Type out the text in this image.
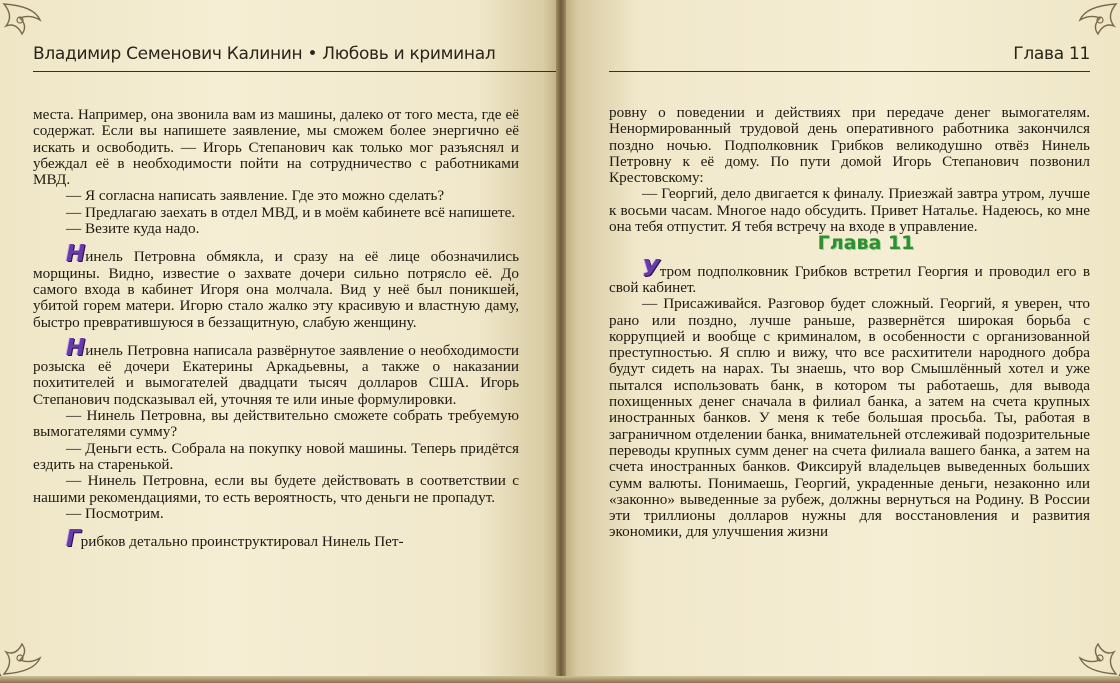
Владимир Семенович Калинин • Любовь и криминал

места. Например, она звонила вам из машины, далеко от того места, где её содержат. Если вы напишете заявление, мы сможем более энергично её искать и освободить. — Игорь Степанович как только мог разъяснял и убеждал её в необходимости пойти на сотрудничество с работниками МВД.

— Я согласна написать заявление. Где это можно сделать?

— Предлагаю заехать в отдел МВД, и в моём кабинете всё напишете.

— Везите куда надо.

Нинель Петровна обмякла, и сразу на её лице обозначились морщины. Видно, известие о захвате дочери сильно потрясло её. До самого входа в кабинет Игоря она молчала. Вид у неё был поникшей, убитой горем матери. Игорю стало жалко эту красивую и властную даму, быстро превратившуюся в беззащитную, слабую женщину.

Нинель Петровна написала развёрнутое заявление о необходимости розыска её дочери Екатерины Аркадьевны, а также о наказании похитителей и вымогателей двадцати тысяч долларов США. Игорь Степанович подсказывал ей, уточняя те или иные формулировки.

— Нинель Петровна, вы действительно сможете собрать требуемую вымогателями сумму?

— Деньги есть. Собрала на покупку новой машины. Теперь придётся ездить на старенькой.

— Нинель Петровна, если вы будете действовать в соответствии с нашими рекомендациями, то есть вероятность, что деньги не пропадут.

— Посмотрим.

Грибков детально проинструктировал Нинель Пет-

Глава 11

ровну о поведении и действиях при передаче денег вымогателям. Ненормированный трудовой день оперативного работника закончился поздно ночью. Подполковник Грибков великодушно отвёз Нинель Петровну к её дому. По пути домой Игорь Степанович позвонил Крестовскому:

— Георгий, дело двигается к финалу. Приезжай завтра утром, лучше к восьми часам. Многое надо обсудить. Привет Наталье. Надеюсь, ко мне она тебя отпустит. Я тебя встречу на входе в управление.

Глава 11

Утром подполковник Грибков встретил Георгия и проводил его в свой кабинет.

— Присаживайся. Разговор будет сложный. Георгий, я уверен, что рано или поздно, лучше раньше, развернётся широкая борьба с коррупцией и вообще с криминалом, в особенности с организованной преступностью. Я сплю и вижу, что все расхитители народного добра будут сидеть на нарах. Ты знаешь, что вор Смышлённый хотел и уже пытался использовать банк, в котором ты работаешь, для вывода похищенных денег сначала в филиал банка, а затем на счета крупных иностранных банков. У меня к тебе большая просьба. Ты, работая в заграничном отделении банка, внимательней отслеживай подозрительные переводы крупных сумм денег на счета филиала вашего банка, а затем на счета иностранных банков. Фиксируй владельцев выведенных больших сумм валюты. Понимаешь, Георгий, украденные деньги, незаконно или «законно» выведенные за рубеж, должны вернуться на Родину. В России эти триллионы долларов нужны для восстановления и развития экономики, для улучшения жизни
